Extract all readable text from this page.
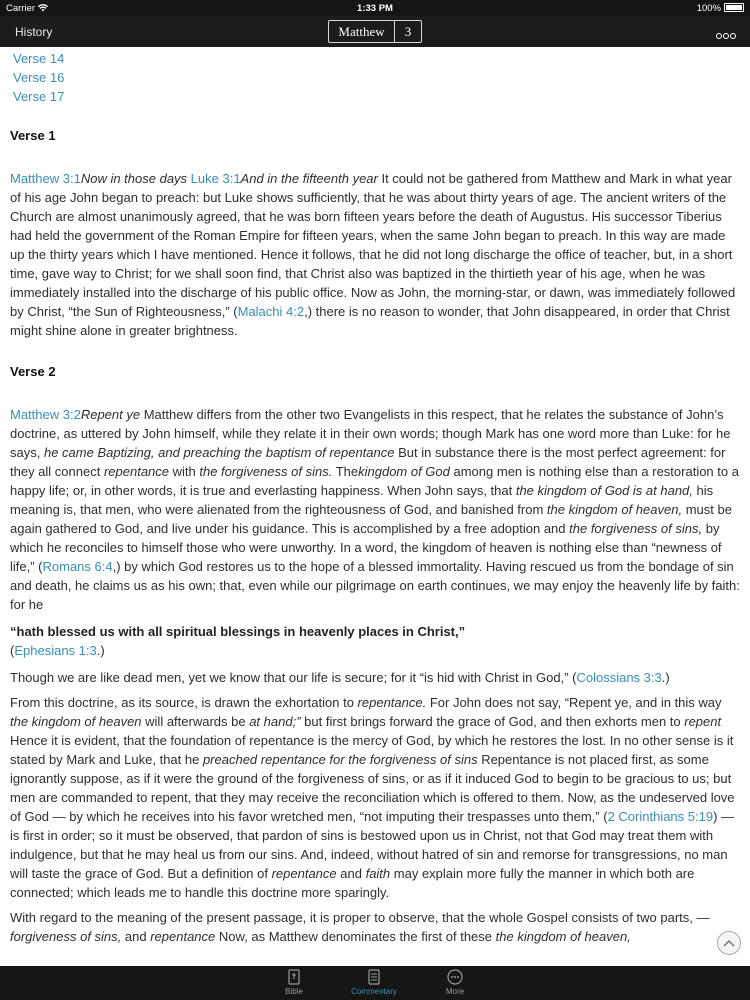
Carrier	1:33 PM	100%
History	Matthew	3
Verse 14
Verse 16
Verse 17
Verse 1

Matthew 3:1Now in those days Luke 3:1And in the fifteenth year It could not be gathered from Matthew and Mark in what year of his age John began to preach: but Luke shows sufficiently, that he was about thirty years of age. The ancient writers of the Church are almost unanimously agreed, that he was born fifteen years before the death of Augustus. His successor Tiberius had held the government of the Roman Empire for fifteen years, when the same John began to preach. In this way are made up the thirty years which I have mentioned. Hence it follows, that he did not long discharge the office of teacher, but, in a short time, gave way to Christ; for we shall soon find, that Christ also was baptized in the thirtieth year of his age, when he was immediately installed into the discharge of his public office. Now as John, the morning-star, or dawn, was immediately followed by Christ, “the Sun of Righteousness,” (Malachi 4:2,) there is no reason to wonder, that John disappeared, in order that Christ might shine alone in greater brightness.

Verse 2

Matthew 3:2Repent ye Matthew differs from the other two Evangelists in this respect, that he relates the substance of John’s doctrine, as uttered by John himself, while they relate it in their own words; though Mark has one word more than Luke: for he says, he came Baptizing, and preaching the baptism of repentance But in substance there is the most perfect agreement: for they all connect repentance with the forgiveness of sins. Thekingdom of God among men is nothing else than a restoration to a happy life; or, in other words, it is true and everlasting happiness. When John says, that the kingdom of God is at hand, his meaning is, that men, who were alienated from the righteousness of God, and banished from the kingdom of heaven, must be again gathered to God, and live under his guidance. This is accomplished by a free adoption and the forgiveness of sins, by which he reconciles to himself those who were unworthy. In a word, the kingdom of heaven is nothing else than “newness of life,” (Romans 6:4,) by which God restores us to the hope of a blessed immortality. Having rescued us from the bondage of sin and death, he claims us as his own; that, even while our pilgrimage on earth continues, we may enjoy the heavenly life by faith: for he

“hath blessed us with all spiritual blessings in heavenly places in Christ,”
(Ephesians 1:3.)

Though we are like dead men, yet we know that our life is secure; for it “is hid with Christ in God,” (Colossians 3:3.)

From this doctrine, as its source, is drawn the exhortation to repentance. For John does not say, “Repent ye, and in this way the kingdom of heaven will afterwards be at hand;” but first brings forward the grace of God, and then exhorts men to repent Hence it is evident, that the foundation of repentance is the mercy of God, by which he restores the lost. In no other sense is it stated by Mark and Luke, that he preached repentance for the forgiveness of sins Repentance is not placed first, as some ignorantly suppose, as if it were the ground of the forgiveness of sins, or as if it induced God to begin to be gracious to us; but men are commanded to repent, that they may receive the reconciliation which is offered to them. Now, as the undeserved love of God — by which he receives into his favor wretched men, “not imputing their trespasses unto them,” (2 Corinthians 5:19) — is first in order; so it must be observed, that pardon of sins is bestowed upon us in Christ, not that God may treat them with indulgence, but that he may heal us from our sins. And, indeed, without hatred of sin and remorse for transgressions, no man will taste the grace of God. But a definition of repentance and faith may explain more fully the manner in which both are connected; which leads me to handle this doctrine more sparingly.

With regard to the meaning of the present passage, it is proper to observe, that the whole Gospel consists of two parts, —forgiveness of sins, and repentance Now, as Matthew denominates the first of these the kingdom of heaven,

Bible	Commentary	More
